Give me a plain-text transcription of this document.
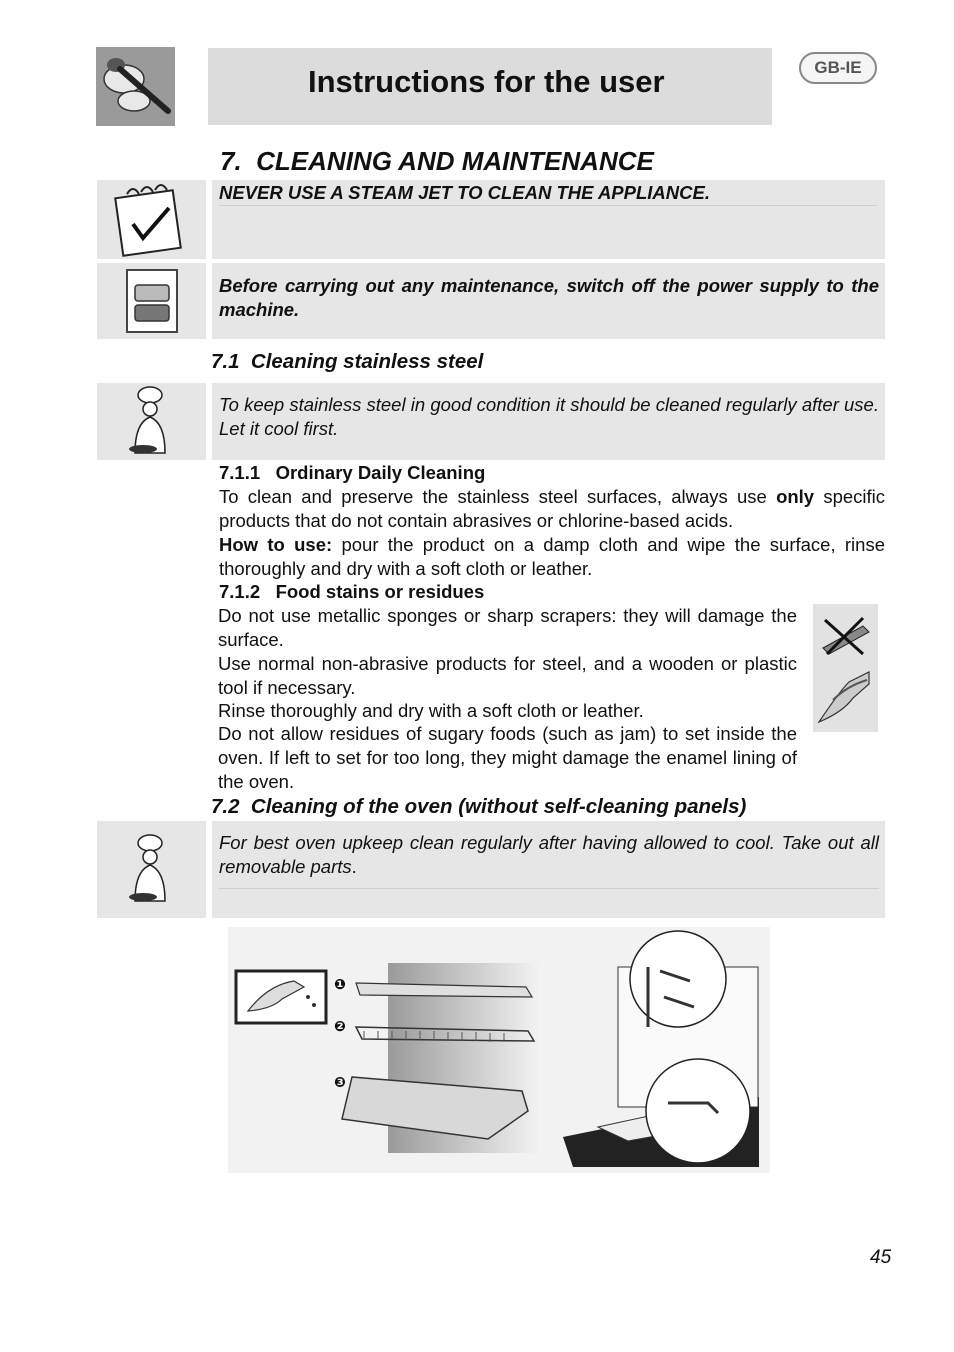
Instructions for the user	GB-IE
7. CLEANING AND MAINTENANCE
NEVER USE A STEAM JET TO CLEAN THE APPLIANCE.
Before carrying out any maintenance, switch off the power supply to the machine.
7.1 Cleaning stainless steel
To keep stainless steel in good condition it should be cleaned regularly after use. Let it cool first.
7.1.1 Ordinary Daily Cleaning
To clean and preserve the stainless steel surfaces, always use only specific products that do not contain abrasives or chlorine-based acids.
How to use: pour the product on a damp cloth and wipe the surface, rinse thoroughly and dry with a soft cloth or leather.
7.1.2 Food stains or residues
Do not use metallic sponges or sharp scrapers: they will damage the surface.
Use normal non-abrasive products for steel, and a wooden or plastic tool if necessary.
Rinse thoroughly and dry with a soft cloth or leather.
Do not allow residues of sugary foods (such as jam) to set inside the oven. If left to set for too long, they might damage the enamel lining of the oven.
7.2 Cleaning of the oven (without self-cleaning panels)
For best oven upkeep clean regularly after having allowed to cool. Take out all removable parts.
❶
❷
❸
45
